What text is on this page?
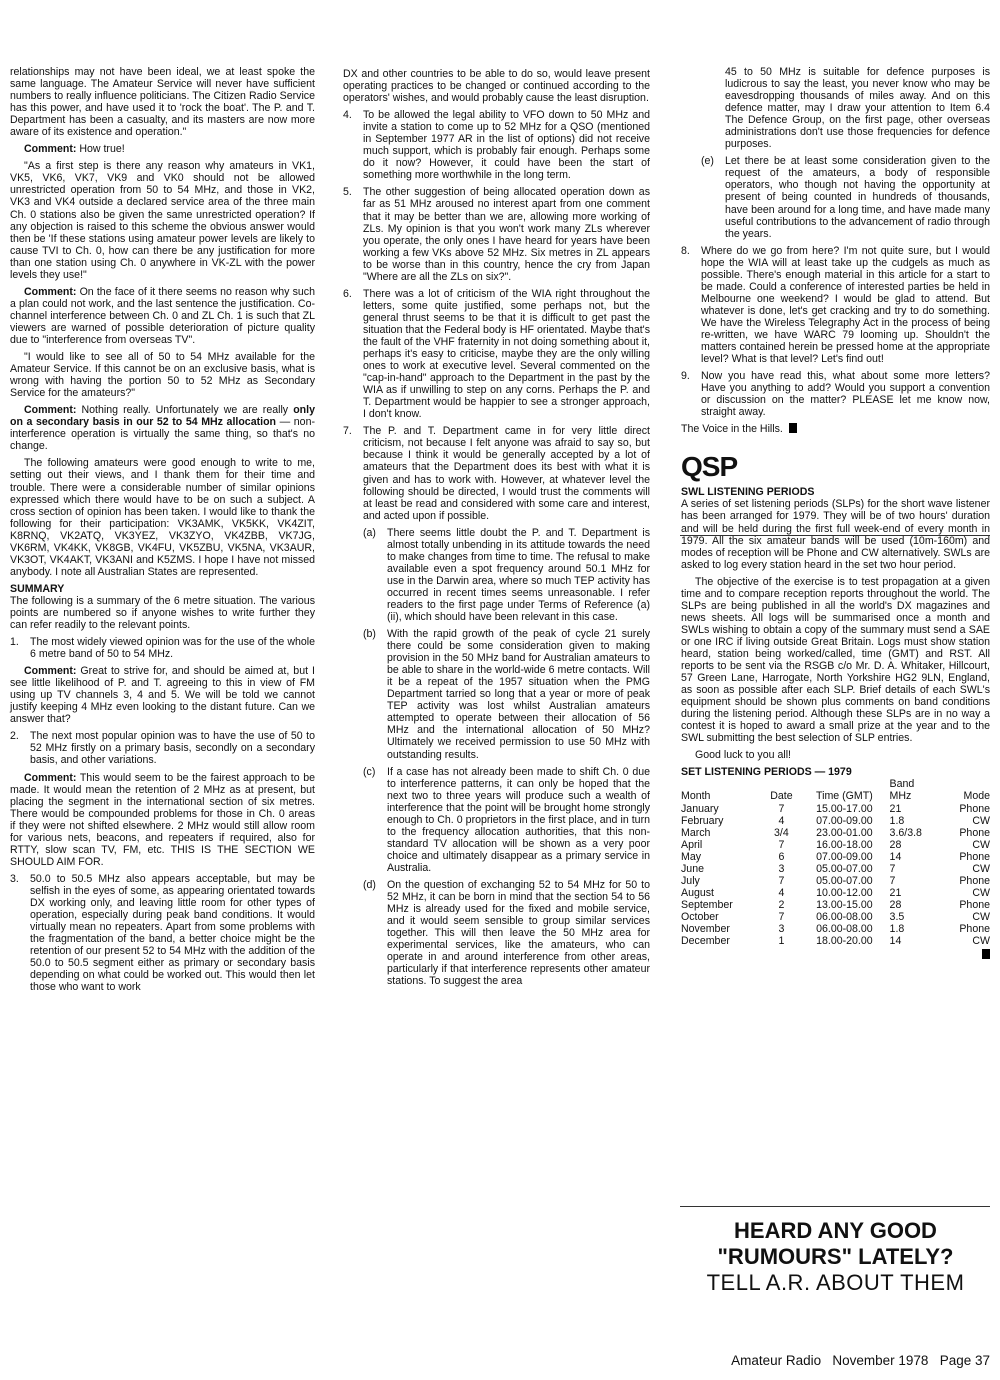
relationships may not have been ideal, we at least spoke the same language. The Amateur Service will never have sufficient numbers to really influence politicians. The Citizen Radio Service has this power, and have used it to 'rock the boat'. The P. and T. Department has been a casualty, and its masters are now more aware of its existence and operation."

Comment: How true!

"As a first step is there any reason why amateurs in VK1, VK5, VK6, VK7, VK9 and VK0 should not be allowed unrestricted operation from 50 to 54 MHz, and those in VK2, VK3 and VK4 outside a declared service area of the three main Ch. 0 stations also be given the same unrestricted operation? If any objection is raised to this scheme the obvious answer would then be 'If these stations using amateur power levels are likely to cause TVI to Ch. 0, how can there be any justification for more than one station using Ch. 0 anywhere in VK-ZL with the power levels they use!"

Comment: On the face of it there seems no reason why such a plan could not work, and the last sentence the justification. Co-channel interference between Ch. 0 and ZL Ch. 1 is such that ZL viewers are warned of possible deterioration of picture quality due to "interference from overseas TV".

"I would like to see all of 50 to 54 MHz available for the Amateur Service. If this cannot be on an exclusive basis, what is wrong with having the portion 50 to 52 MHz as Secondary Service for the amateurs?"

Comment: Nothing really. Unfortunately we are really only on a secondary basis in our 52 to 54 MHz allocation — non-interference operation is virtually the same thing, so that's no change.

The following amateurs were good enough to write to me, setting out their views, and I thank them for their time and trouble. There were a considerable number of similar opinions expressed which there would have to be on such a subject. A cross section of opinion has been taken. I would like to thank the following for their participation: VK3AMK, VK5KK, VK4ZIT, K8RNQ, VK2ATQ, VK3YEZ, VK3ZYO, VK4ZBB, VK7JG, VK6RM, VK4KK, VK8GB, VK4FU, VK5ZBU, VK5NA, VK3AUR, VK3OT, VK4AKT, VK3ANI and K5ZMS. I hope I have not missed anybody. I note all Australian States are represented.

SUMMARY

The following is a summary of the 6 metre situation. The various points are numbered so if anyone wishes to write further they can refer readily to the relevant points.

1.	The most widely viewed opinion was for the use of the whole 6 metre band of 50 to 54 MHz.

Comment: Great to strive for, and should be aimed at, but I see little likelihood of P. and T. agreeing to this in view of FM using up TV channels 3, 4 and 5. We will be told we cannot justify keeping 4 MHz even looking to the distant future. Can we answer that?

2.	The next most popular opinion was to have the use of 50 to 52 MHz firstly on a primary basis, secondly on a secondary basis, and other variations.

Comment: This would seem to be the fairest approach to be made. It would mean the retention of 2 MHz as at present, but placing the segment in the international section of six metres. There would be compounded problems for those in Ch. 0 areas if they were not shifted elsewhere. 2 MHz would still allow room for various nets, beacons, and repeaters if required, also for RTTY, slow scan TV, FM, etc. THIS IS THE SECTION WE SHOULD AIM FOR.

3.	50.0 to 50.5 MHz also appears acceptable, but may be selfish in the eyes of some, as appearing orientated towards DX working only, and leaving little room for other types of operation, especially during peak band conditions. It would virtually mean no repeaters. Apart from some problems with the fragmentation of the band, a better choice might be the retention of our present 52 to 54 MHz with the addition of the 50.0 to 50.5 segment either as primary or secondary basis depending on what could be worked out. This would then let those who want to work

DX and other countries to be able to do so, would leave present operating practices to be changed or continued according to the operators' wishes, and would probably cause the least disruption.

4.	To be allowed the legal ability to VFO down to 50 MHz and invite a station to come up to 52 MHz for a QSO (mentioned in September 1977 AR in the list of options) did not receive much support, which is probably fair enough. Perhaps some do it now? However, it could have been the start of something more worthwhile in the long term.
5.	The other suggestion of being allocated operation down as far as 51 MHz aroused no interest apart from one comment that it may be better than we are, allowing more working of ZLs. My opinion is that you won't work many ZLs wherever you operate, the only ones I have heard for years have been working a few VKs above 52 MHz. Six metres in ZL appears to be worse than in this country, hence the cry from Japan "Where are all the ZLs on six?".
6.	There was a lot of criticism of the WIA right throughout the letters, some quite justified, some perhaps not, but the general thrust seems to be that it is difficult to get past the situation that the Federal body is HF orientated. Maybe that's the fault of the VHF fraternity in not doing something about it, perhaps it's easy to criticise, maybe they are the only willing ones to work at executive level. Several commented on the "cap-in-hand" approach to the Department in the past by the WIA as if unwilling to step on any corns. Perhaps the P. and T. Department would be happier to see a stronger approach, I don't know.
7.	The P. and T. Department came in for very little direct criticism, not because I felt anyone was afraid to say so, but because I think it would be generally accepted by a lot of amateurs that the Department does its best with what it is given and has to work with. However, at whatever level the following should be directed, I would trust the comments will at least be read and considered with some care and interest, and acted upon if possible.
(a)	There seems little doubt the P. and T. Department is almost totally unbending in its attitude towards the need to make changes from time to time. The refusal to make available even a spot frequency around 50.1 MHz for use in the Darwin area, where so much TEP activity has occurred in recent times seems unreasonable. I refer readers to the first page under Terms of Reference (a) (ii), which should have been relevant in this case.
(b)	With the rapid growth of the peak of cycle 21 surely there could be some consideration given to making provision in the 50 MHz band for Australian amateurs to be able to share in the world-wide 6 metre contacts. Will it be a repeat of the 1957 situation when the PMG Department tarried so long that a year or more of peak TEP activity was lost whilst Australian amateurs attempted to operate between their allocation of 56 MHz and the international allocation of 50 MHz? Ultimately we received permission to use 50 MHz with outstanding results.
(c)	If a case has not already been made to shift Ch. 0 due to interference patterns, it can only be hoped that the next two to three years will produce such a wealth of interference that the point will be brought home strongly enough to Ch. 0 proprietors in the first place, and in turn to the frequency allocation authorities, that this non-standard TV allocation will be shown as a very poor choice and ultimately disappear as a primary service in Australia.
(d)	On the question of exchanging 52 to 54 MHz for 50 to 52 MHz, it can be born in mind that the section 54 to 56 MHz is already used for the fixed and mobile service, and it would seem sensible to group similar services together. This will then leave the 50 MHz area for experimental services, like the amateurs, who can operate in and around interference from other areas, particularly if that interference represents other amateur stations. To suggest the area

45 to 50 MHz is suitable for defence purposes is ludicrous to say the least, you never know who may be eavesdropping thousands of miles away. And on this defence matter, may I draw your attention to Item 6.4 The Defence Group, on the first page, other overseas administrations don't use those frequencies for defence purposes.

(e)	Let there be at least some consideration given to the request of the amateurs, a body of responsible operators, who though not having the opportunity at present of being counted in hundreds of thousands, have been around for a long time, and have made many useful contributions to the advancement of radio through the years.
8.	Where do we go from here? I'm not quite sure, but I would hope the WIA will at least take up the cudgels as much as possible. There's enough material in this article for a start to be made. Could a conference of interested parties be held in Melbourne one weekend? I would be glad to attend. But whatever is done, let's get cracking and try to do something. We have the Wireless Telegraphy Act in the process of being re-written, we have WARC 79 looming up. Shouldn't the matters contained herein be pressed home at the appropriate level? What is that level? Let's find out!
9.	Now you have read this, what about some more letters? Have you anything to add? Would you support a convention or discussion on the matter? PLEASE let me know now, straight away.

The Voice in the Hills.

QSP
SWL LISTENING PERIODS

A series of set listening periods (SLPs) for the short wave listener has been arranged for 1979. They will be of two hours' duration and will be held during the first full week-end of every month in 1979. All the six amateur bands will be used (10m-160m) and modes of reception will be Phone and CW alternatively. SWLs are asked to log every station heard in the set two hour period.

The objective of the exercise is to test propagation at a given time and to compare reception reports throughout the world. The SLPs are being published in all the world's DX magazines and news sheets. All logs will be summarised once a month and SWLs wishing to obtain a copy of the summary must send a SAE or one IRC if living outside Great Britain. Logs must show station heard, station being worked/called, time (GMT) and RST. All reports to be sent via the RSGB c/o Mr. D. A. Whitaker, Hillcourt, 57 Green Lane, Harrogate, North Yorkshire HG2 9LN, England, as soon as possible after each SLP. Brief details of each SWL's equipment should be shown plus comments on band conditions during the listening period. Although these SLPs are in no way a contest it is hoped to award a small prize at the year and to the SWL submitting the best selection of SLP entries.

Good luck to you all!

SET LISTENING PERIODS — 1979
Month	Date	Time (GMT)	Band
MHz	Mode
January	7	15.00-17.00	21	Phone
February	4	07.00-09.00	1.8	CW
March	3/4	23.00-01.00	3.6/3.8	Phone
April	7	16.00-18.00	28	CW
May	6	07.00-09.00	14	Phone
June	3	05.00-07.00	7	CW
July	7	05.00-07.00	7	Phone
August	4	10.00-12.00	21	CW
September	2	13.00-15.00	28	Phone
October	7	06.00-08.00	3.5	CW
November	3	06.00-08.00	1.8	Phone
December	1	18.00-20.00	14	CW

HEARD ANY GOOD

"RUMOURS" LATELY?

TELL A.R. ABOUT THEM

Amateur Radio November 1978 Page 37
